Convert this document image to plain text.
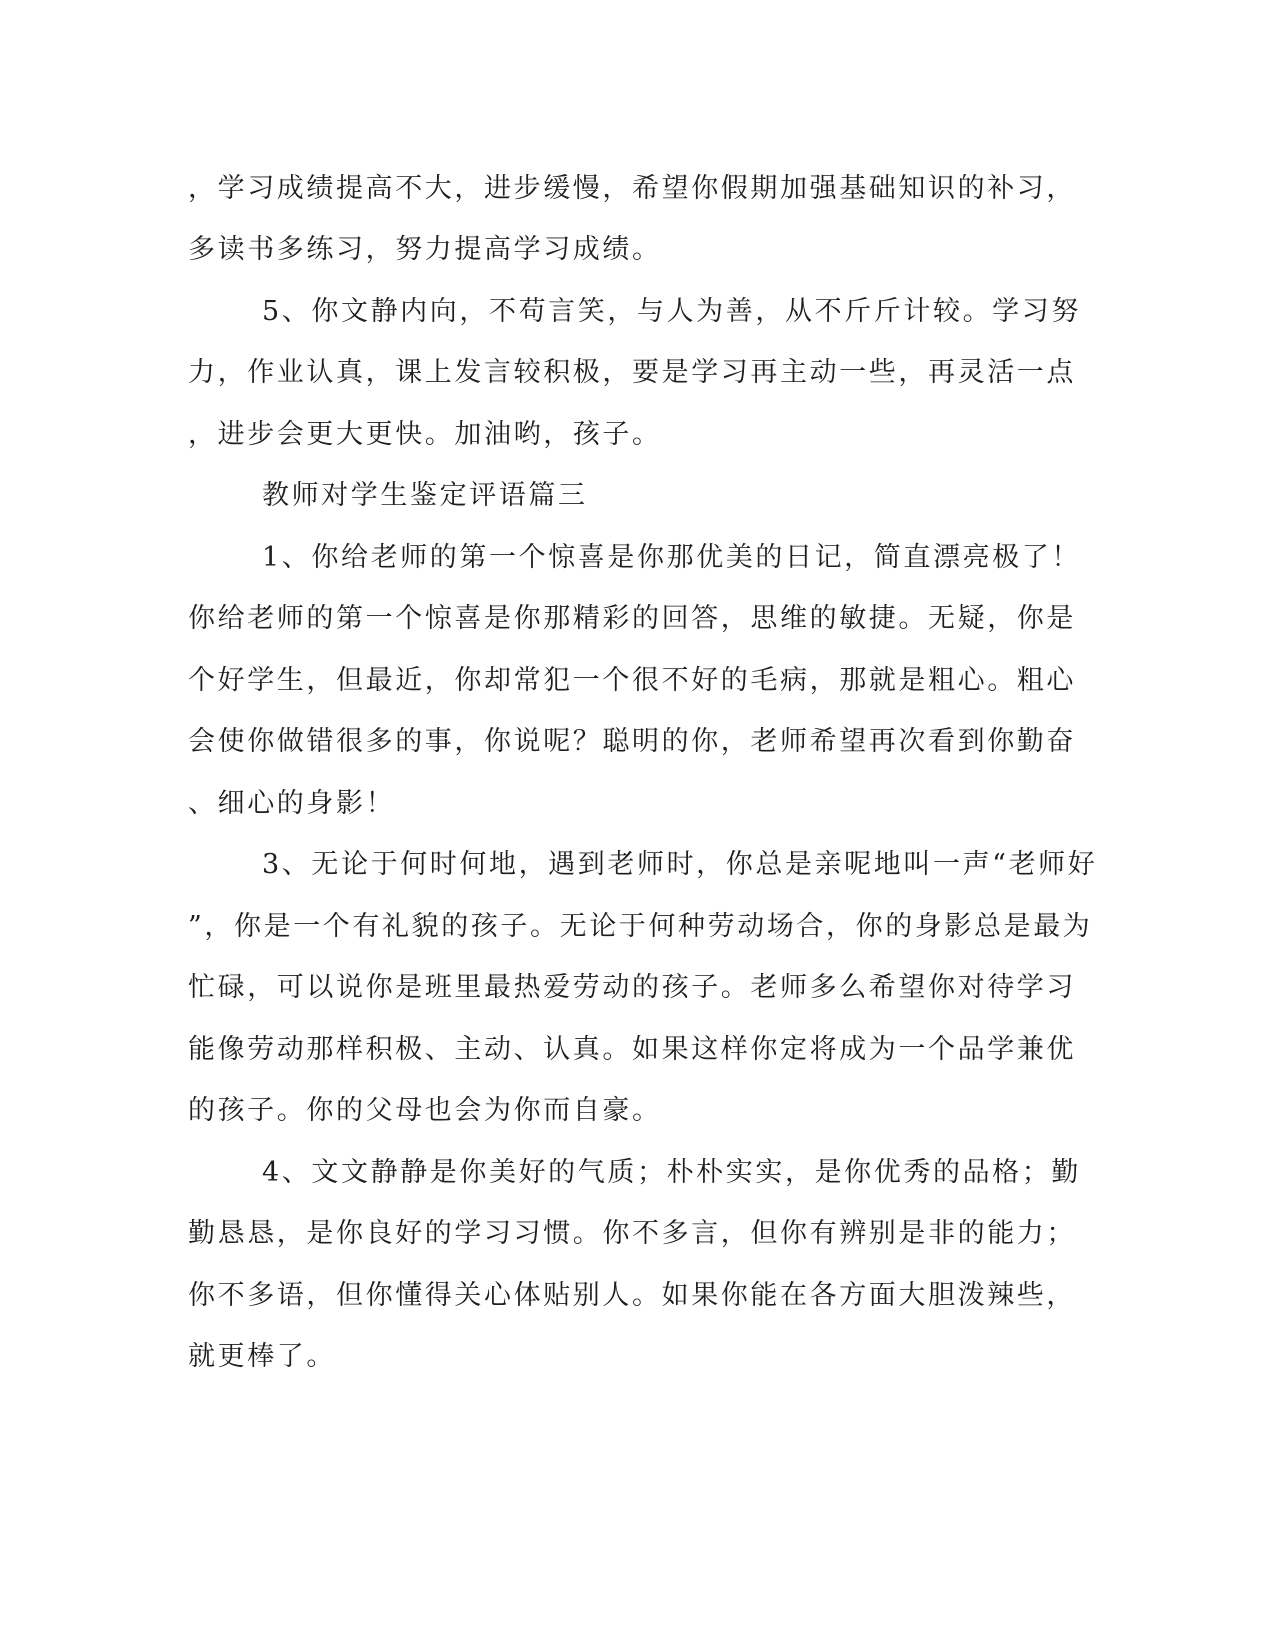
，学习成绩提高不大，进步缓慢，希望你假期加强基础知识的补习，
多读书多练习，努力提高学习成绩。
5、你文静内向，不苟言笑，与人为善，从不斤斤计较。学习努
力，作业认真，课上发言较积极，要是学习再主动一些，再灵活一点
，进步会更大更快。加油哟，孩子。
教师对学生鉴定评语篇三
1、你给老师的第一个惊喜是你那优美的日记，简直漂亮极了！
你给老师的第一个惊喜是你那精彩的回答，思维的敏捷。无疑，你是
个好学生，但最近，你却常犯一个很不好的毛病，那就是粗心。粗心
会使你做错很多的事，你说呢？聪明的你，老师希望再次看到你勤奋
、细心的身影！
3、无论于何时何地，遇到老师时，你总是亲呢地叫一声“老师好
”，你是一个有礼貌的孩子。无论于何种劳动场合，你的身影总是最为
忙碌，可以说你是班里最热爱劳动的孩子。老师多么希望你对待学习
能像劳动那样积极、主动、认真。如果这样你定将成为一个品学兼优
的孩子。你的父母也会为你而自豪。
4、文文静静是你美好的气质；朴朴实实，是你优秀的品格；勤
勤恳恳，是你良好的学习习惯。你不多言，但你有辨别是非的能力；
你不多语，但你懂得关心体贴别人。如果你能在各方面大胆泼辣些，
就更棒了。
